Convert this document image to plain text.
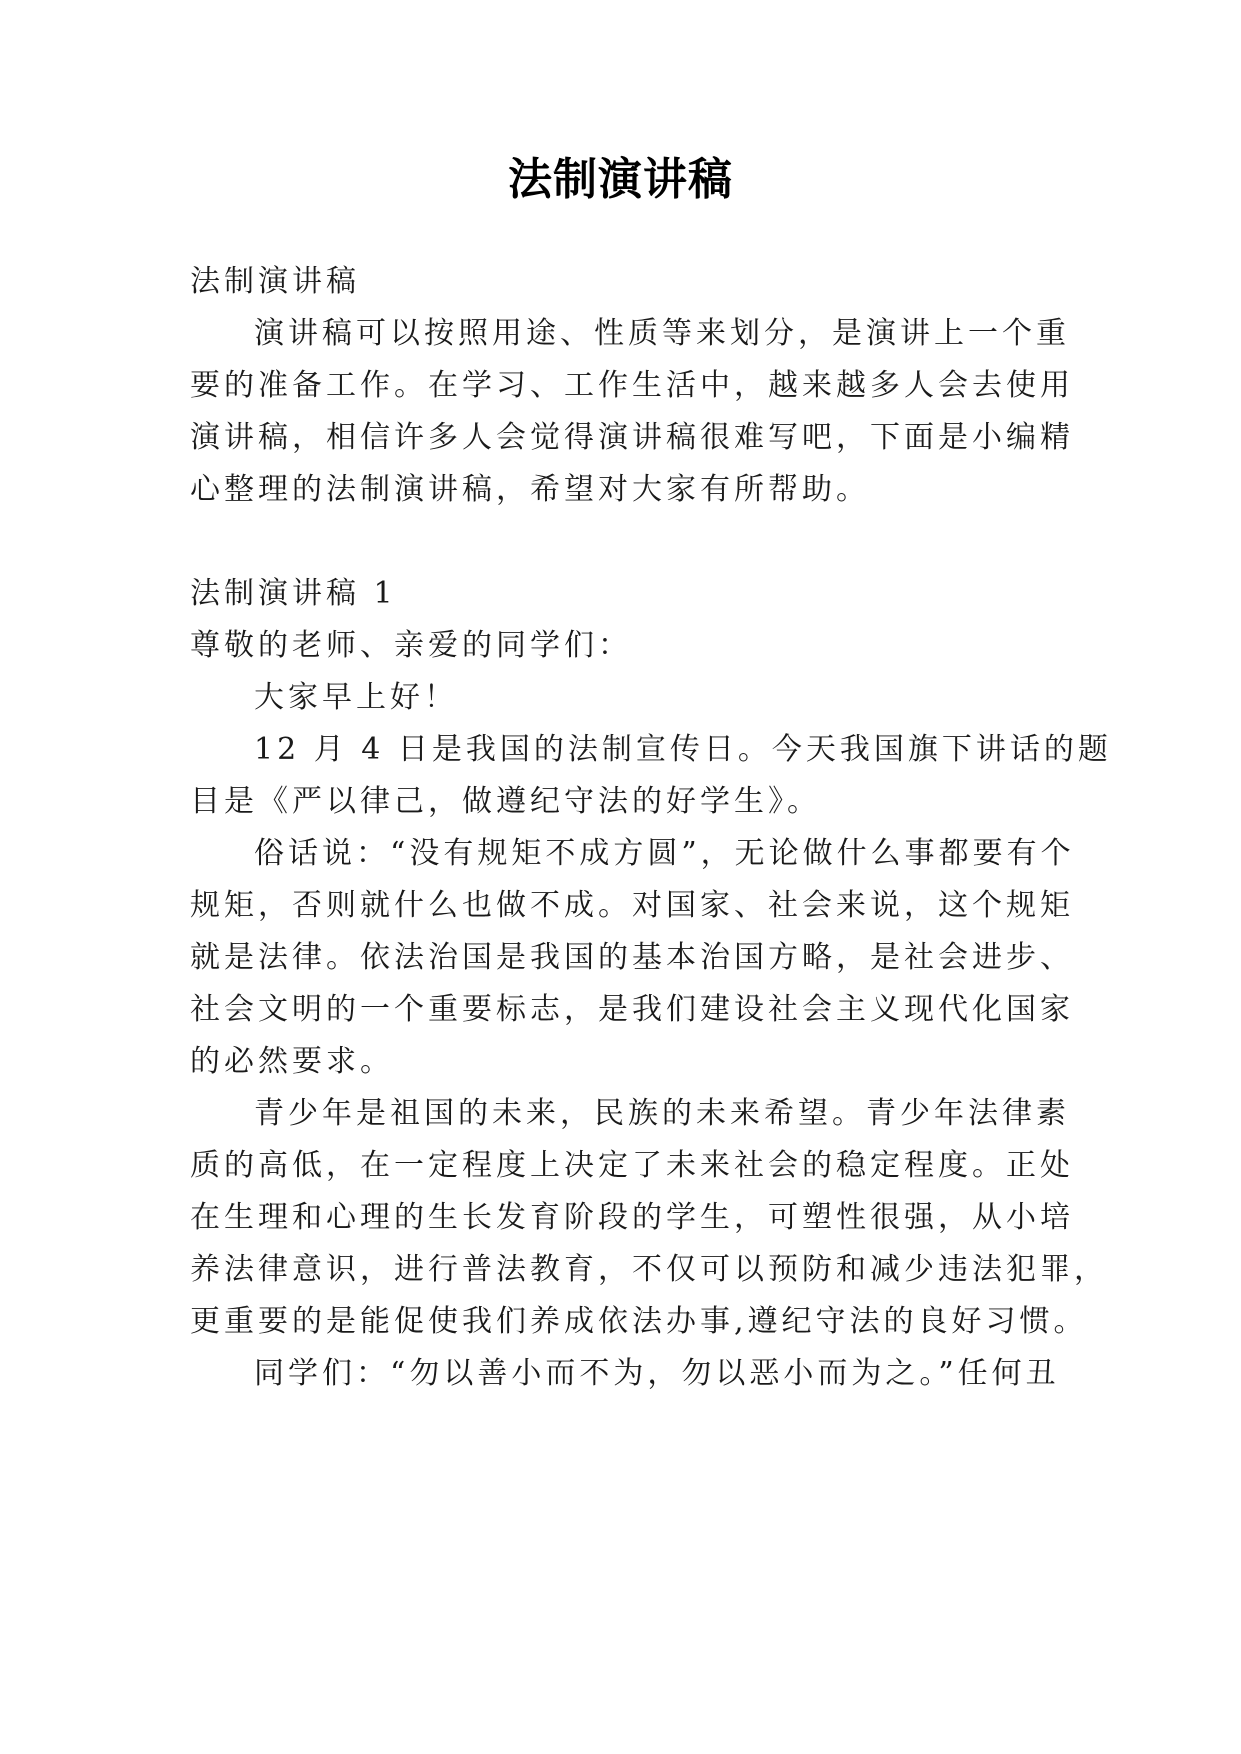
法制演讲稿
法制演讲稿
演讲稿可以按照用途、性质等来划分，是演讲上一个重
要的准备工作。在学习、工作生活中，越来越多人会去使用
演讲稿，相信许多人会觉得演讲稿很难写吧，下面是小编精
心整理的法制演讲稿，希望对大家有所帮助。
法制演讲稿 1
尊敬的老师、亲爱的同学们：
大家早上好！
12 月 4 日是我国的法制宣传日。今天我国旗下讲话的题
目是《严以律己，做遵纪守法的好学生》。
俗话说：“没有规矩不成方圆”，无论做什么事都要有个
规矩，否则就什么也做不成。对国家、社会来说，这个规矩
就是法律。依法治国是我国的基本治国方略，是社会进步、
社会文明的一个重要标志，是我们建设社会主义现代化国家
的必然要求。
青少年是祖国的未来，民族的未来希望。青少年法律素
质的高低，在一定程度上决定了未来社会的稳定程度。正处
在生理和心理的生长发育阶段的学生，可塑性很强，从小培
养法律意识，进行普法教育，不仅可以预防和减少违法犯罪，
更重要的是能促使我们养成依法办事,遵纪守法的良好习惯。
同学们：“勿以善小而不为，勿以恶小而为之。”任何丑
